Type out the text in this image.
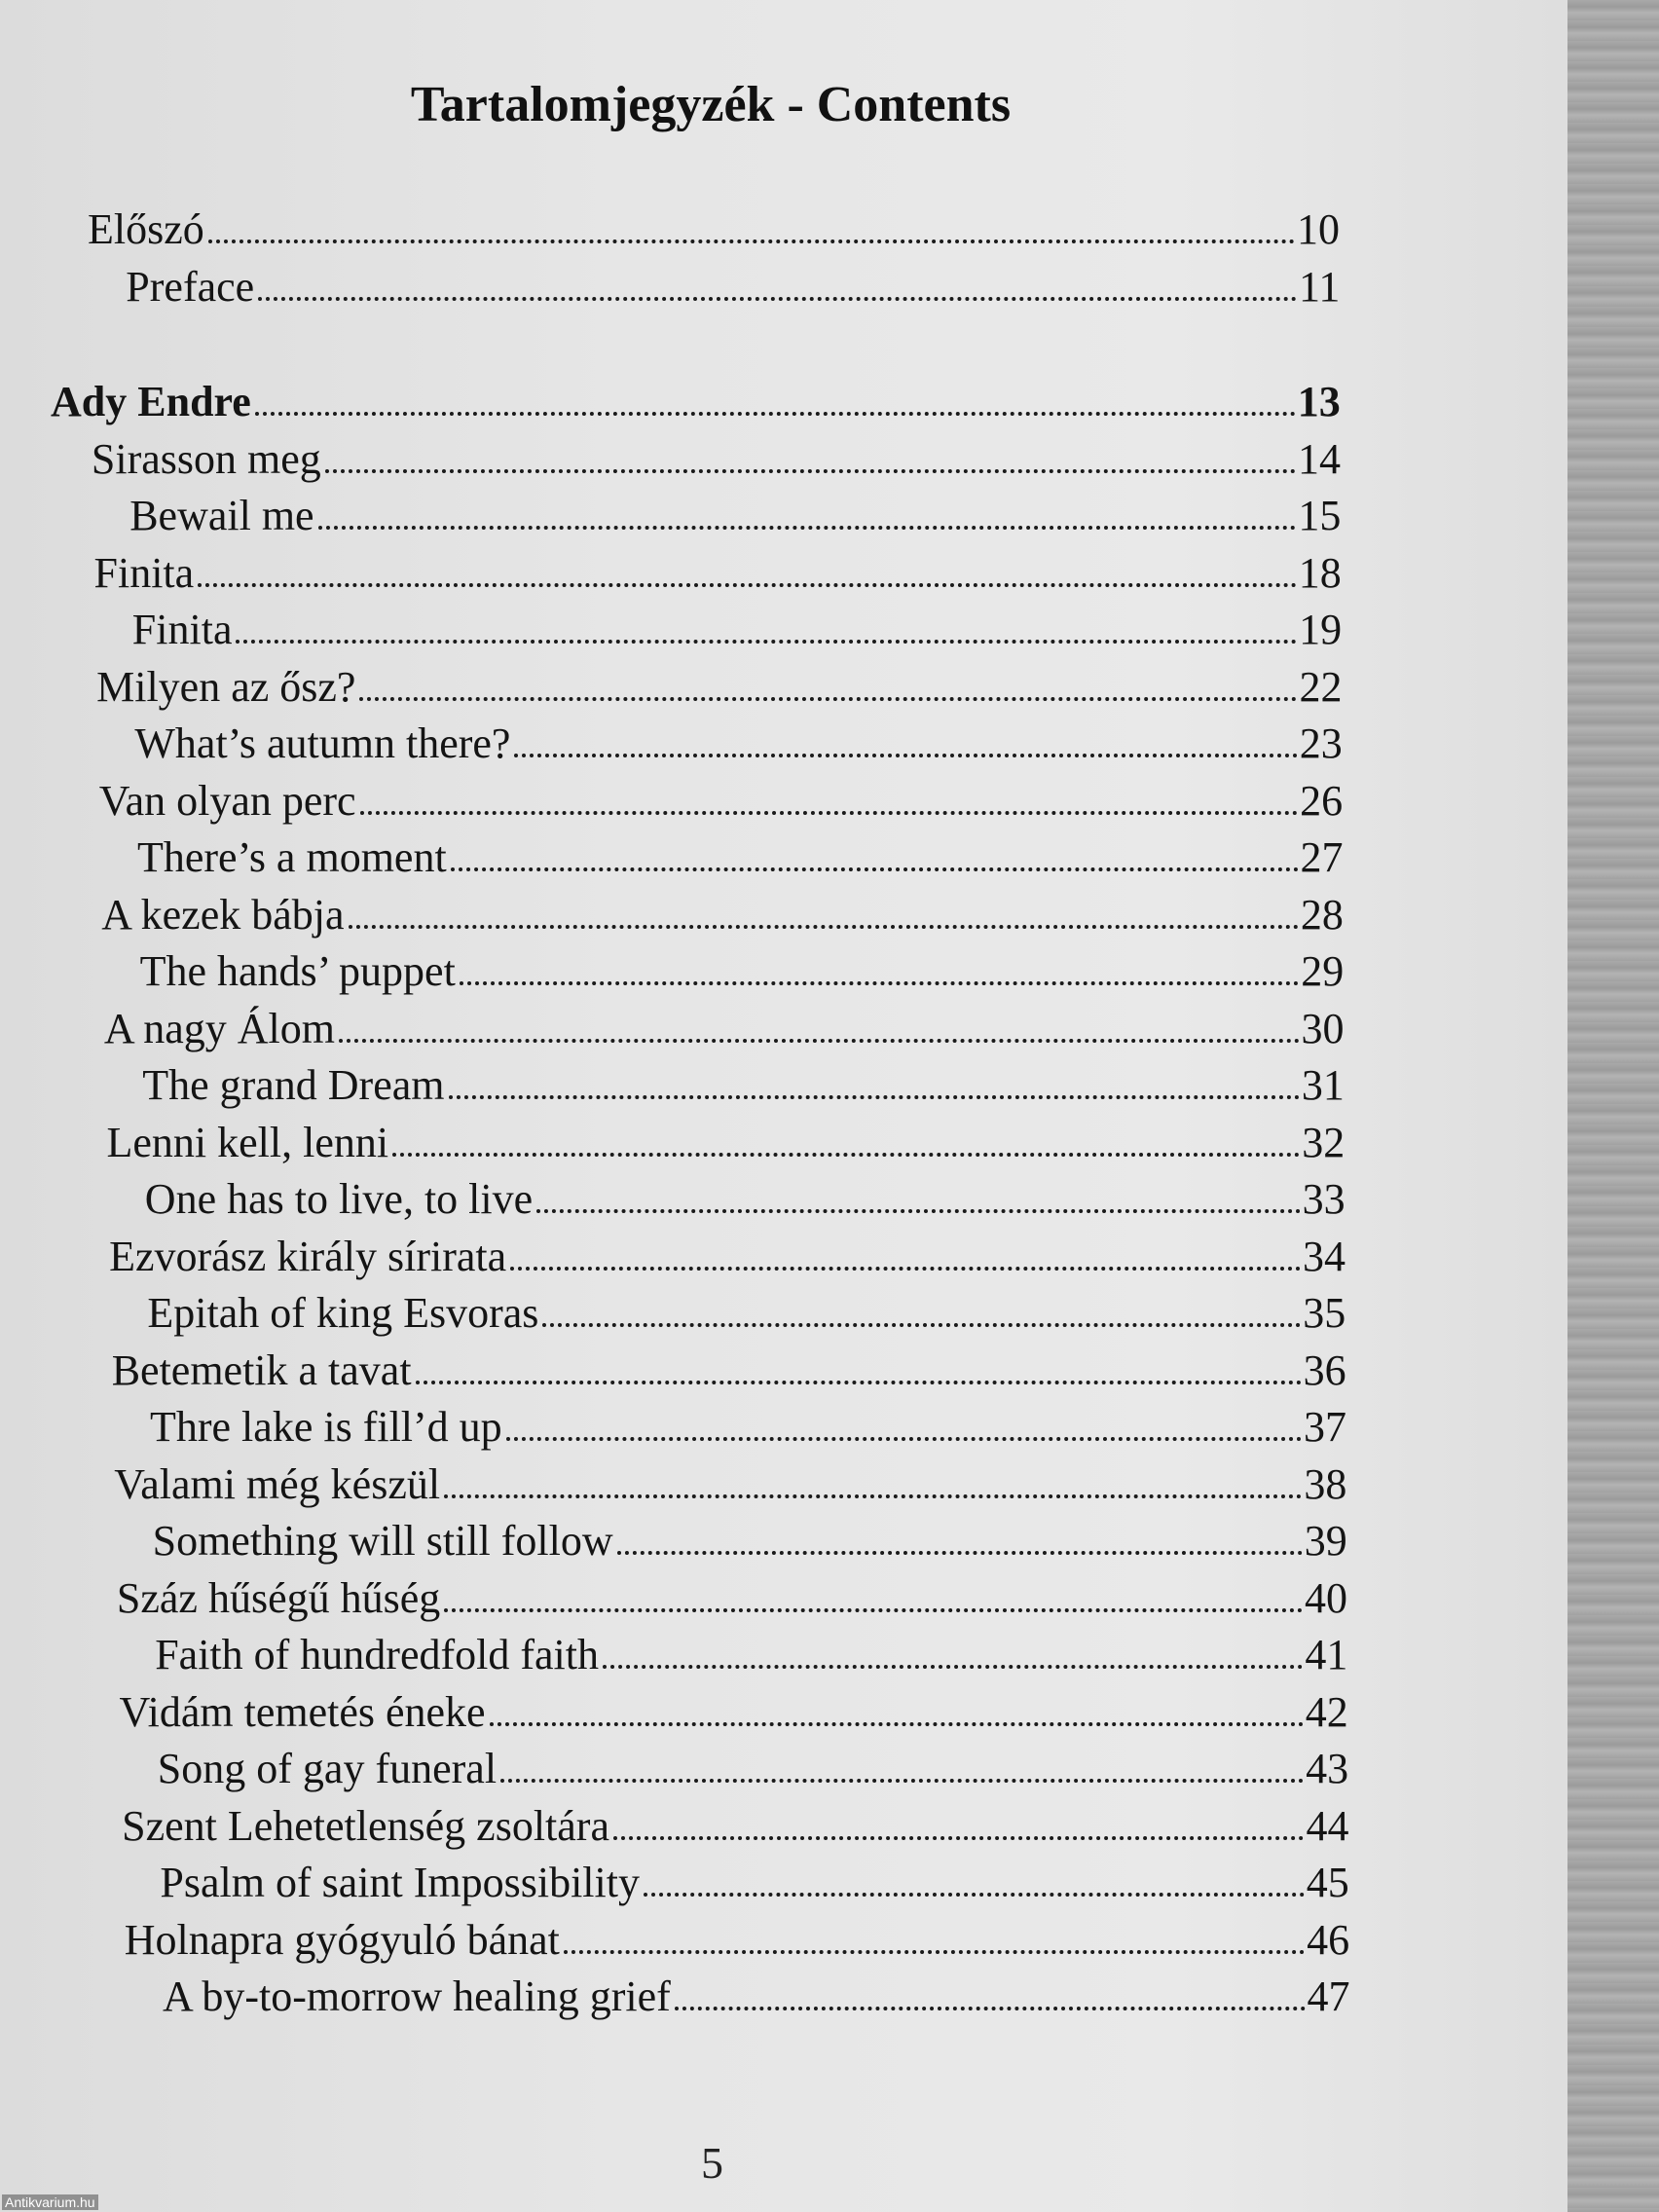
Tartalomjegyzék - Contents
Előszó	10
Preface	11
Ady Endre	13
Sirasson meg	14
Bewail me	15
Finita	18
Finita	19
Milyen az ősz?	22
What’s autumn there?	23
Van olyan perc	26
There’s a moment	27
A kezek bábja	28
The hands’ puppet	29
A nagy Álom	30
The grand Dream	31
Lenni kell, lenni	32
One has to live, to live	33
Ezvorász király sírirata	34
Epitah of king Esvoras	35
Betemetik a tavat	36
Thre lake is fill’d up	37
Valami még készül	38
Something will still follow	39
Száz hűségű hűség	40
Faith of hundredfold faith	41
Vidám temetés éneke	42
Song of gay funeral	43
Szent Lehetetlenség zsoltára	44
Psalm of saint Impossibility	45
Holnapra gyógyuló bánat	46
A by-to-morrow healing grief	47
5
Antikvarium.hu
